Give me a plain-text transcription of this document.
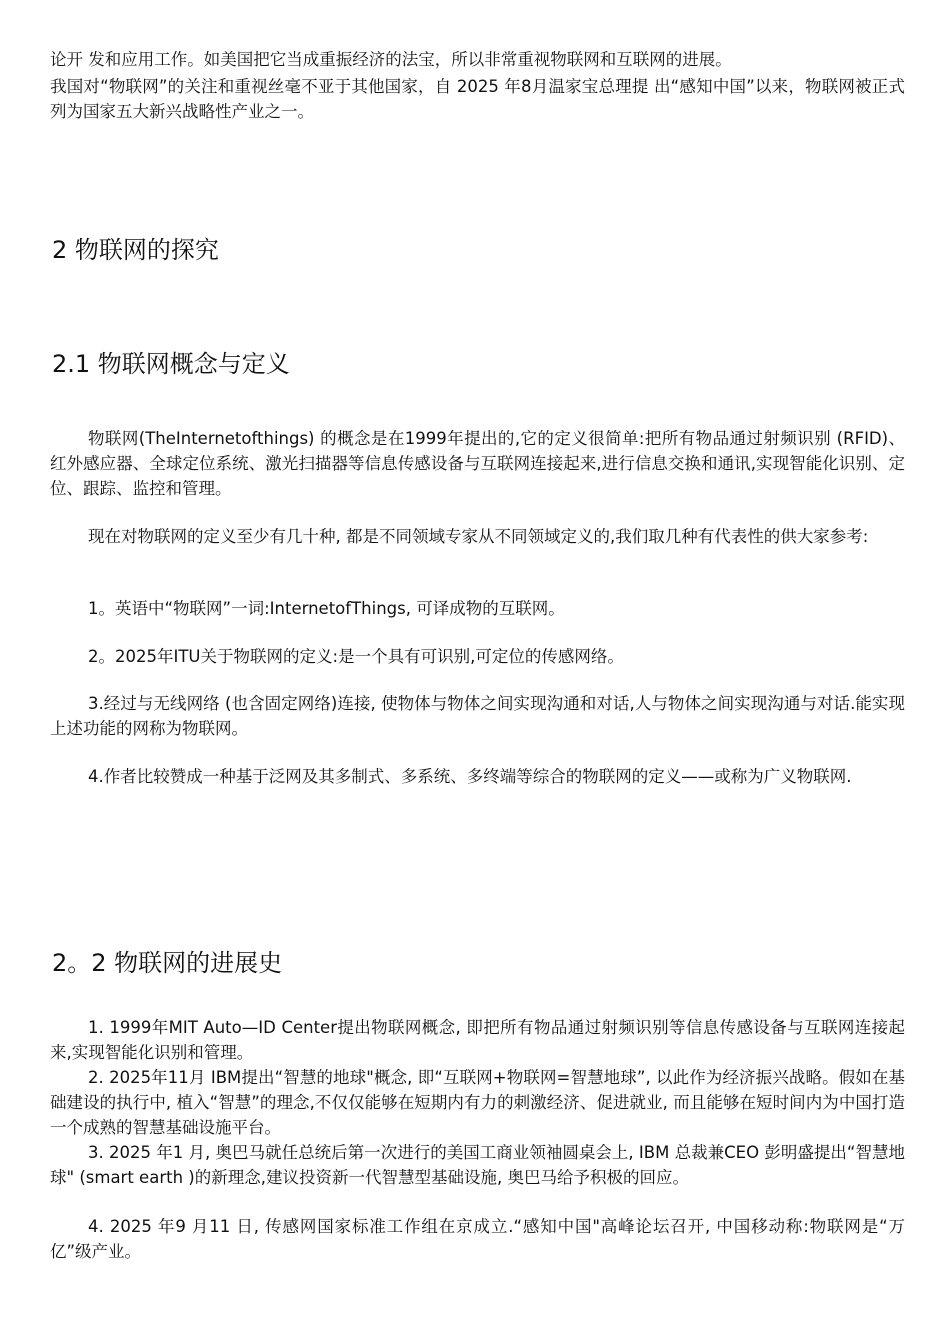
论开 发和应用工作。如美国把它当成重振经济的法宝，所以非常重视物联网和互联网的进展。

我国对“物联网”的关注和重视丝毫不亚于其他国家，自 2025 年8月温家宝总理提 出“感知中国”以来，物联网被正式列为国家五大新兴战略性产业之一。

2 物联网的探究
2.1 物联网概念与定义

物联网(TheInternetofthings) 的概念是在1999年提出的,它的定义很简单:把所有物品通过射频识别 (RFID)、红外感应器、全球定位系统、激光扫描器等信息传感设备与互联网连接起来,进行信息交换和通讯,实现智能化识别、定位、跟踪、监控和管理。

现在对物联网的定义至少有几十种, 都是不同领域专家从不同领域定义的,我们取几种有代表性的供大家参考:

1。英语中“物联网”一词:InternetofThings, 可译成物的互联网。

2。2025年ITU关于物联网的定义:是一个具有可识别,可定位的传感网络。

3.经过与无线网络 (也含固定网络)连接, 使物体与物体之间实现沟通和对话,人与物体之间实现沟通与对话.能实现上述功能的网称为物联网。

4.作者比较赞成一种基于泛网及其多制式、多系统、多终端等综合的物联网的定义——或称为广义物联网.

2。2 物联网的进展史

1. 1999年MIT Auto—ID Center提出物联网概念, 即把所有物品通过射频识别等信息传感设备与互联网连接起来,实现智能化识别和管理。

2. 2025年11月 IBM提出“智慧的地球"概念, 即“互联网+物联网=智慧地球”, 以此作为经济振兴战略。假如在基础建设的执行中, 植入“智慧”的理念,不仅仅能够在短期内有力的刺激经济、促进就业, 而且能够在短时间内为中国打造一个成熟的智慧基础设施平台。

3. 2025 年1 月, 奥巴马就任总统后第一次进行的美国工商业领袖圆桌会上, IBM 总裁兼CEO 彭明盛提出“智慧地球" (smart earth )的新理念,建议投资新一代智慧型基础设施, 奥巴马给予积极的回应。

4. 2025 年9 月11 日, 传感网国家标准工作组在京成立.“感知中国"高峰论坛召开, 中国移动称:物联网是“万亿”级产业。
